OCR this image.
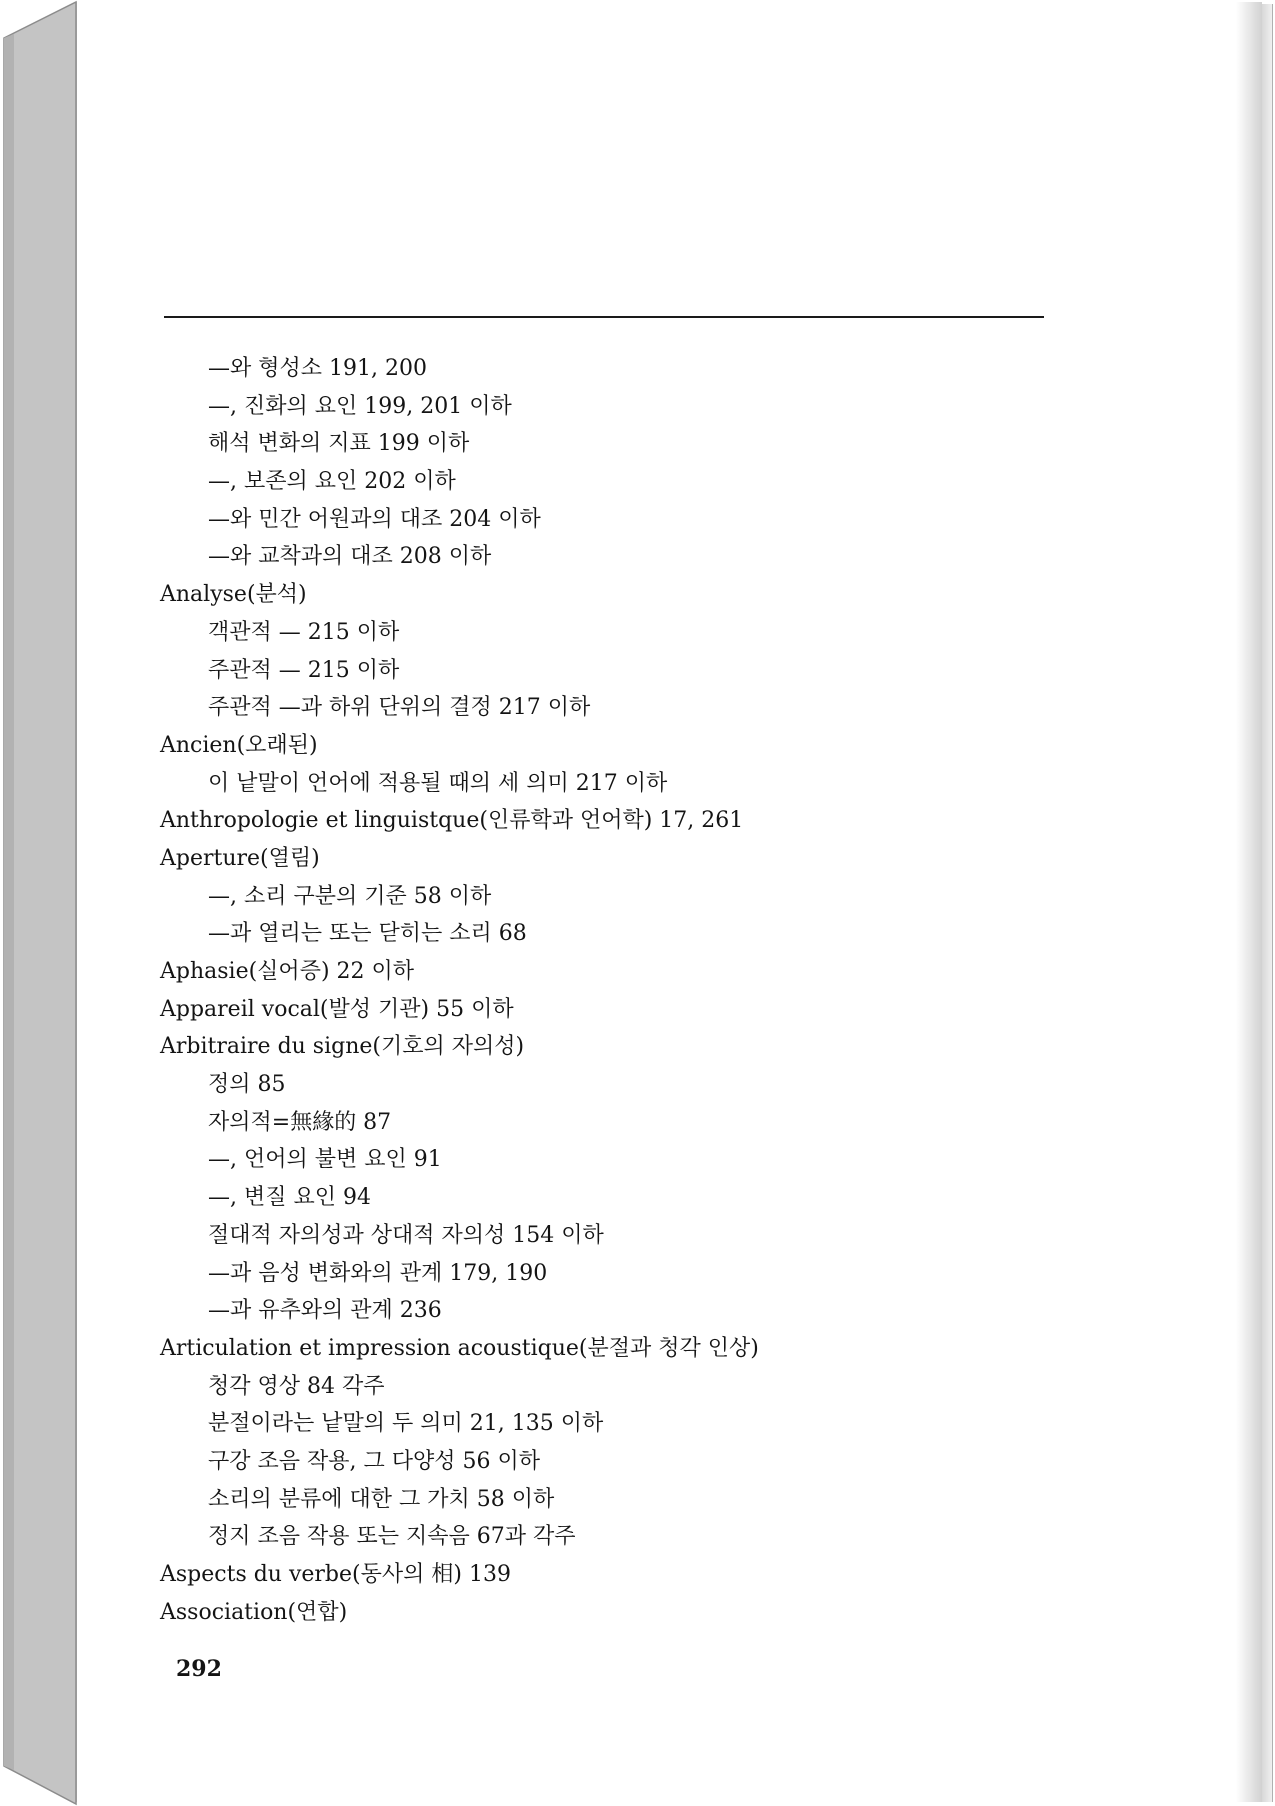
—와 형성소 191, 200
—, 진화의 요인 199, 201 이하
해석 변화의 지표 199 이하
—, 보존의 요인 202 이하
—와 민간 어원과의 대조 204 이하
—와 교착과의 대조 208 이하
Analyse(분석)
객관적 — 215 이하
주관적 — 215 이하
주관적 —과 하위 단위의 결정 217 이하
Ancien(오래된)
이 낱말이 언어에 적용될 때의 세 의미 217 이하
Anthropologie et linguistque(인류학과 언어학) 17, 261
Aperture(열림)
—, 소리 구분의 기준 58 이하
—과 열리는 또는 닫히는 소리 68
Aphasie(실어증) 22 이하
Appareil vocal(발성 기관) 55 이하
Arbitraire du signe(기호의 자의성)
정의 85
자의적=無緣的 87
—, 언어의 불변 요인 91
—, 변질 요인 94
절대적 자의성과 상대적 자의성 154 이하
—과 음성 변화와의 관계 179, 190
—과 유추와의 관계 236
Articulation et impression acoustique(분절과 청각 인상)
청각 영상 84 각주
분절이라는 낱말의 두 의미 21, 135 이하
구강 조음 작용, 그 다양성 56 이하
소리의 분류에 대한 그 가치 58 이하
정지 조음 작용 또는 지속음 67과 각주
Aspects du verbe(동사의 相) 139
Association(연합)
292
